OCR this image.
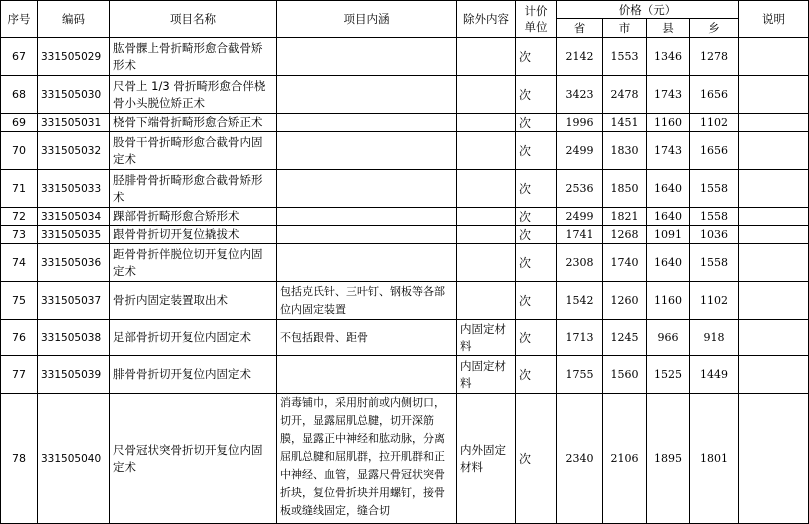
序号	编码	项目名称	项目内涵	除外内容	计价单位	价格（元）				说明
						省	市	县	乡	
67	331505029	肱骨髁上骨折畸形愈合截骨矫形术			次	2142	1553	1346	1278	
68	331505030	尺骨上 1/3 骨折畸形愈合伴桡骨小头脱位矫正术			次	3423	2478	1743	1656	
69	331505031	桡骨下端骨折畸形愈合矫正术			次	1996	1451	1160	1102	
70	331505032	股骨干骨折畸形愈合截骨内固定术			次	2499	1830	1743	1656	
71	331505033	胫腓骨骨折畸形愈合截骨矫形术			次	2536	1850	1640	1558	
72	331505034	踝部骨折畸形愈合矫形术			次	2499	1821	1640	1558	
73	331505035	跟骨骨折切开复位撬拔术			次	1741	1268	1091	1036	
74	331505036	距骨骨折伴脱位切开复位内固定术			次	2308	1740	1640	1558	
75	331505037	骨折内固定装置取出术	包括克氏针、三叶钉、钢板等各部位内固定装置		次	1542	1260	1160	1102	
76	331505038	足部骨折切开复位内固定术	不包括跟骨、距骨	内固定材料	次	1713	1245	966	918	
77	331505039	腓骨骨折切开复位内固定术		内固定材料	次	1755	1560	1525	1449	
78	331505040	尺骨冠状突骨折切开复位内固定术	消毒铺巾，采用肘前或内侧切口，切开，显露屈肌总腱，切开深筋膜，显露正中神经和肱动脉，分离屈肌总腱和屈肌群，拉开肌群和正中神经、血管，显露尺骨冠状突骨折块，复位骨折块并用螺钉，接骨板或缝线固定，缝合切	内外固定材料	次	2340	2106	1895	1801	
